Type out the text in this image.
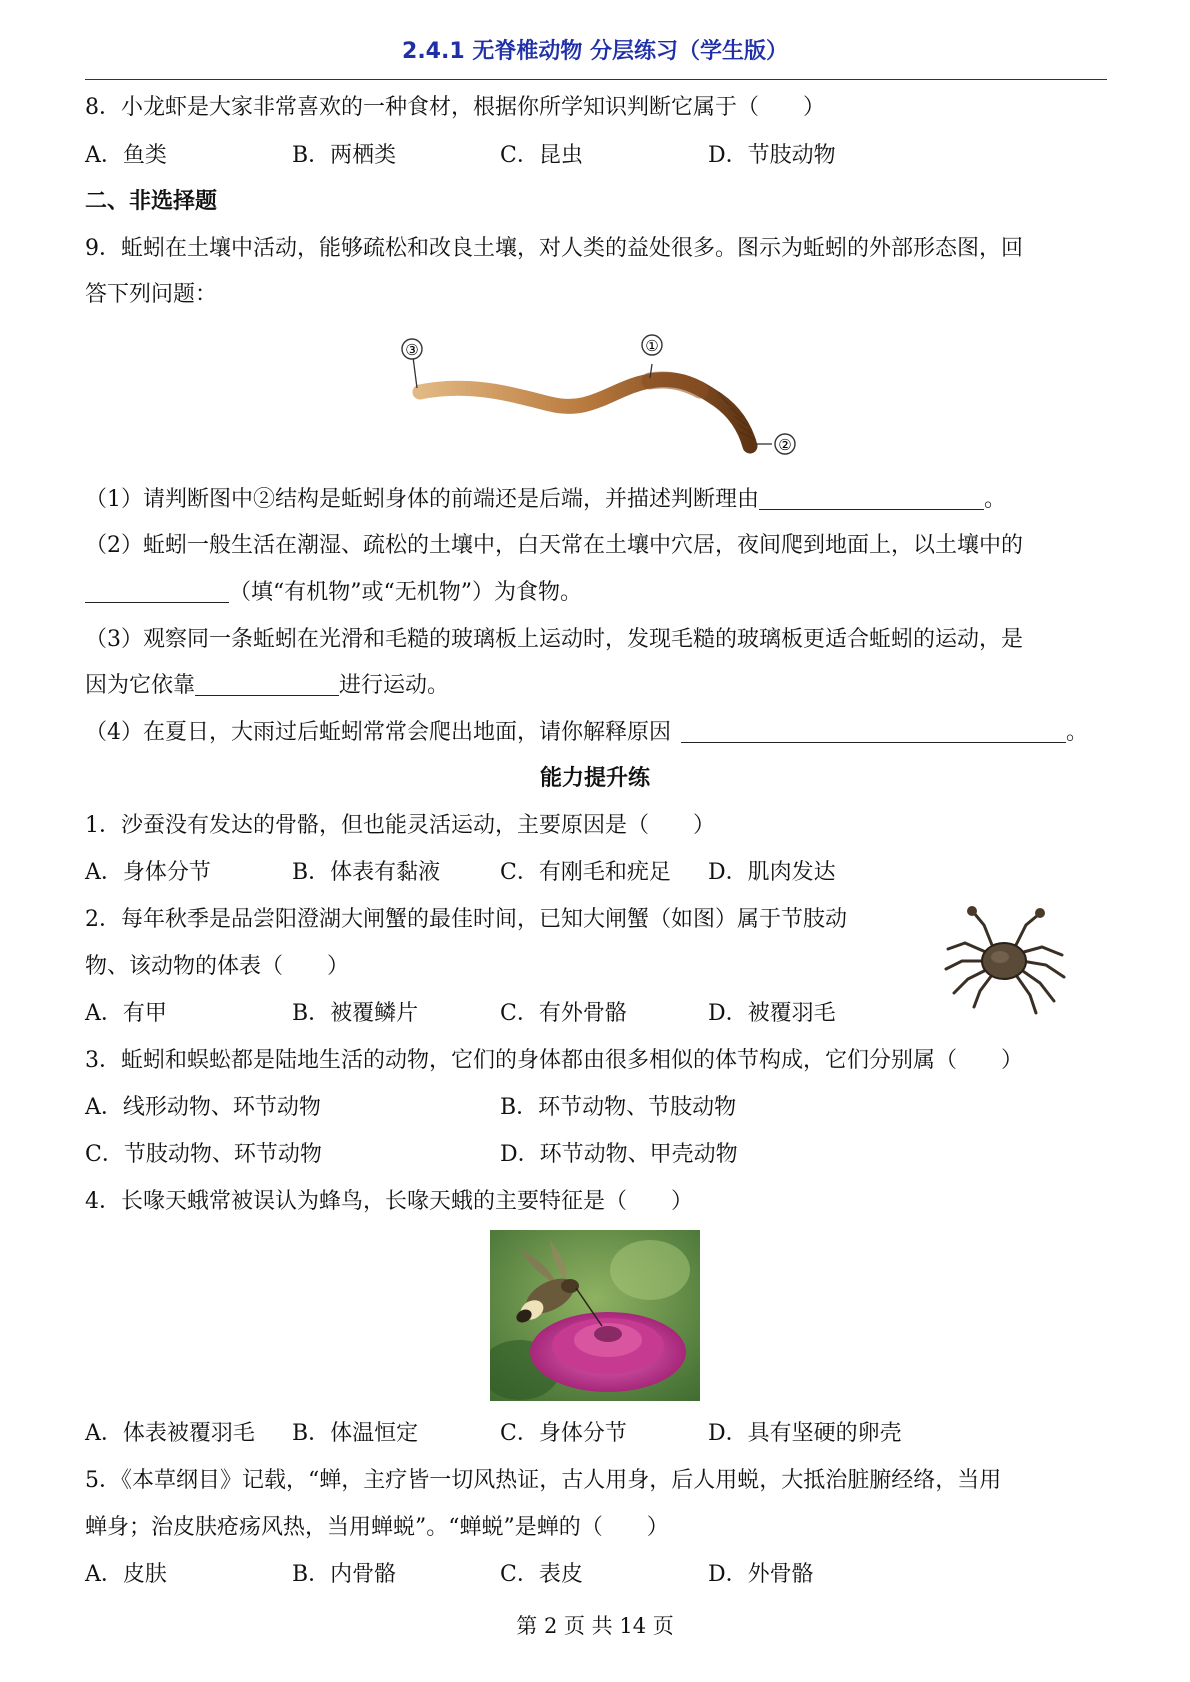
2.4.1 无脊椎动物 分层练习（学生版）
8．小龙虾是大家非常喜欢的一种食材，根据你所学知识判断它属于（　　）
A．鱼类	B．两栖类	C．昆虫	D．节肢动物
二、非选择题
9．蚯蚓在土壤中活动，能够疏松和改良土壤，对人类的益处很多。图示为蚯蚓的外部形态图，回
答下列问题：
③	①
②
（1）请判断图中②结构是蚯蚓身体的前端还是后端，并描述判断理由	。
（2）蚯蚓一般生活在潮湿、疏松的土壤中，白天常在土壤中穴居，夜间爬到地面上，以土壤中的
（填“有机物”或“无机物”）为食物。
（3）观察同一条蚯蚓在光滑和毛糙的玻璃板上运动时，发现毛糙的玻璃板更适合蚯蚓的运动，是
因为它依靠	进行运动。
（4）在夏日，大雨过后蚯蚓常常会爬出地面，请你解释原因	。
能力提升练
1．沙蚕没有发达的骨骼，但也能灵活运动，主要原因是（　　）
A．身体分节	B．体表有黏液	C．有刚毛和疣足 D．肌肉发达
2．每年秋季是品尝阳澄湖大闸蟹的最佳时间，已知大闸蟹（如图）属于节肢动
物、该动物的体表（　　）
A．有甲	B．被覆鳞片	C．有外骨骼	D．被覆羽毛
3．蚯蚓和蜈蚣都是陆地生活的动物，它们的身体都由很多相似的体节构成，它们分别属（　　）
A．线形动物、环节动物	B．环节动物、节肢动物
C．节肢动物、环节动物	D．环节动物、甲壳动物
4．长喙天蛾常被误认为蜂鸟，长喙天蛾的主要特征是（　　）
A．体表被覆羽毛 B．体温恒定	C．身体分节	D．具有坚硬的卵壳
5．《本草纲目》记载，“蝉，主疗皆一切风热证，古人用身，后人用蜕，大抵治脏腑经络，当用
蝉身；治皮肤疮疡风热，当用蝉蜕”。“蝉蜕”是蝉的（　　）
A．皮肤	B．内骨骼	C．表皮	D．外骨骼
第 2 页 共 14 页
